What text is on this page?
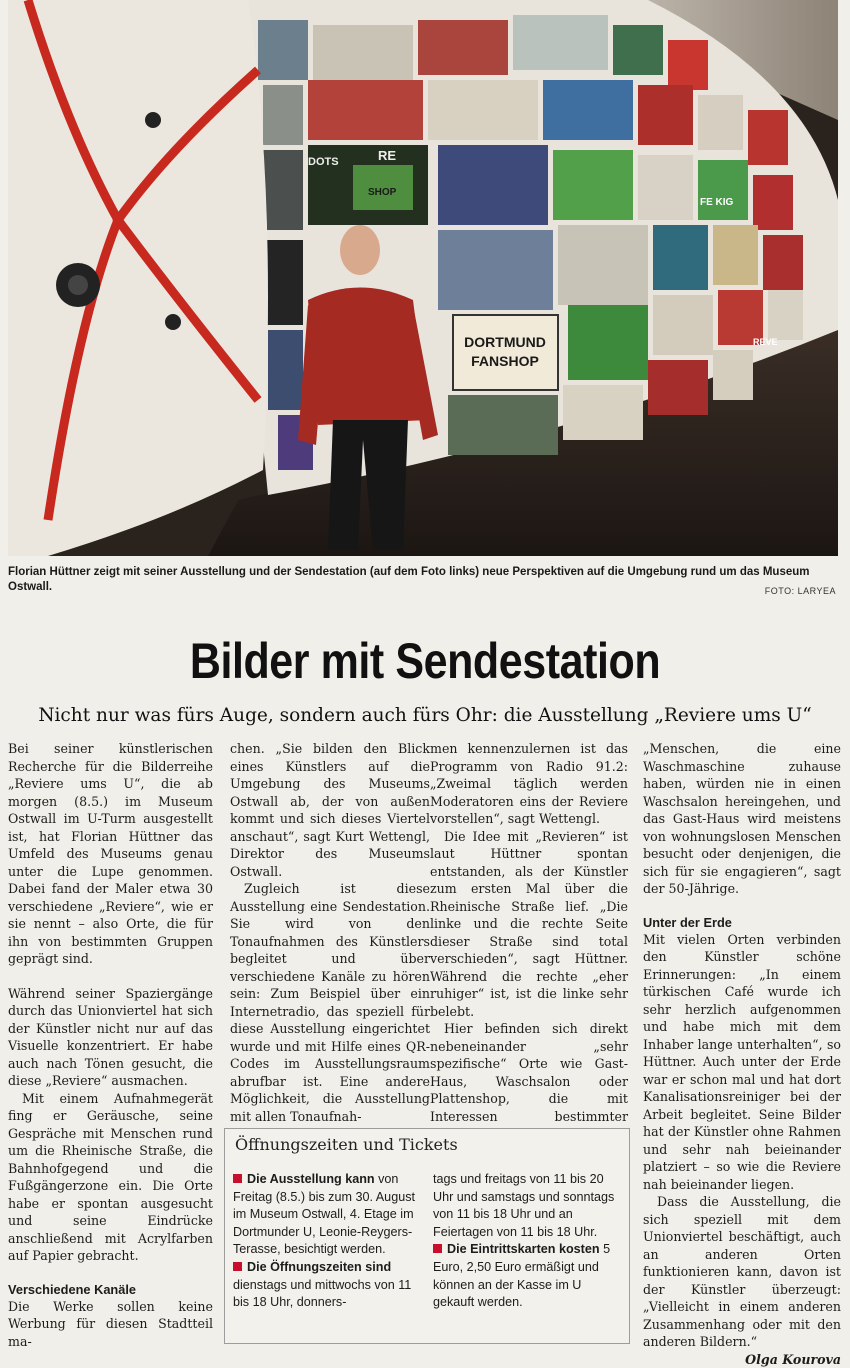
DORTMUND
FANSHOP
DOTS	RE
SHOP
FE KIG
REVE
Florian Hüttner zeigt mit seiner Ausstellung und der Sendestation (auf dem Foto links) neue Perspektiven auf die Umgebung rund um das Museum Ostwall.	FOTO: LARYEA
Bilder mit Sendestation
Nicht nur was fürs Auge, sondern auch fürs Ohr: die Ausstellung „Reviere ums U“

Bei seiner künstlerischen Recherche für die Bilderreihe „Reviere ums U“, die ab morgen (8.5.) im Museum Ostwall im U-Turm ausgestellt ist, hat Florian Hüttner das Umfeld des Museums genau unter die Lupe genommen. Dabei fand der Maler etwa 30 verschiedene „Reviere“, wie er sie nennt – also Orte, die für ihn von bestimmten Gruppen geprägt sind.

Während seiner Spaziergänge durch das Unionviertel hat sich der Künstler nicht nur auf das Visuelle konzentriert. Er habe auch nach Tönen gesucht, die diese „Reviere“ ausmachen.

Mit einem Aufnahmegerät fing er Geräusche, seine Gespräche mit Menschen rund um die Rheinische Straße, die Bahnhofgegend und die Fußgängerzone ein. Die Orte habe er spontan ausgesucht und seine Eindrücke anschließend mit Acrylfarben auf Papier gebracht.

Verschiedene Kanäle

Die Werke sollen keine Werbung für diesen Stadtteil ma-

chen. „Sie bilden den Blick eines Künstlers auf die Umgebung des Museums Ostwall ab, der von außen kommt und sich dieses Viertel anschaut“, sagt Kurt Wettengl, Direktor des Museums Ostwall.

Zugleich ist diese Ausstellung eine Sendestation. Sie wird von den Tonaufnahmen des Künstlers begleitet und über verschiedene Kanäle zu hören sein: Zum Beispiel über ein Internetradio, das speziell für diese Ausstellung eingerichtet wurde und mit Hilfe eines QR-Codes im Ausstellungsraum abrufbar ist. Eine andere Möglichkeit, die Ausstellung mit allen Tonaufnah-

men kennenzulernen ist das Programm von Radio 91.2: „Zweimal täglich werden Moderatoren eins der Reviere vorstellen“, sagt Wettengl.

Die Idee mit „Revieren“ ist laut Hüttner spontan entstanden, als der Künstler zum ersten Mal über die Rheinische Straße lief. „Die linke und die rechte Seite dieser Straße sind total verschieden“, sagt Hüttner. Während die rechte „eher ruhiger“ ist, ist die linke sehr belebt.

Hier befinden sich direkt nebeneinander „sehr spezifische“ Orte wie Gast-Haus, Waschsalon oder Plattenshop, die mit Interessen bestimmter

„Menschen, die eine Waschmaschine zuhause haben, würden nie in einen Waschsalon hereingehen, und das Gast-Haus wird meistens von wohnungslosen Menschen besucht oder denjenigen, die sich für sie engagieren“, sagt der 50-Jährige.

Unter der Erde

Mit vielen Orten verbinden den Künstler schöne Erinnerungen: „In einem türkischen Café wurde ich sehr herzlich aufgenommen und habe mich mit dem Inhaber lange unterhalten“, so Hüttner. Auch unter der Erde war er schon mal und hat dort Kanalisationsreiniger bei der Arbeit begleitet. Seine Bilder hat der Künstler ohne Rahmen und sehr nah beieinander platziert – so wie die Reviere nah beieinander liegen.

Dass die Ausstellung, die sich speziell mit dem Unionviertel beschäftigt, auch an anderen Orten funktionieren kann, davon ist der Künstler überzeugt: „Vielleicht in einem anderen Zusammenhang oder mit den anderen Bildern.“

Olga Kourova
Öffnungszeiten und Tickets

Die Ausstellung kann von Freitag (8.5.) bis zum 30. August im Museum Ostwall, 4. Etage im Dortmunder U, Leonie-Reygers-Terasse, besichtigt werden.

Die Öffnungszeiten sind dienstags und mittwochs von 11 bis 18 Uhr, donners-

tags und freitags von 11 bis 20 Uhr und samstags und sonntags von 11 bis 18 Uhr und an Feiertagen von 11 bis 18 Uhr.

Die Eintrittskarten kosten 5 Euro, 2,50 Euro ermäßigt und können an der Kasse im U gekauft werden.
